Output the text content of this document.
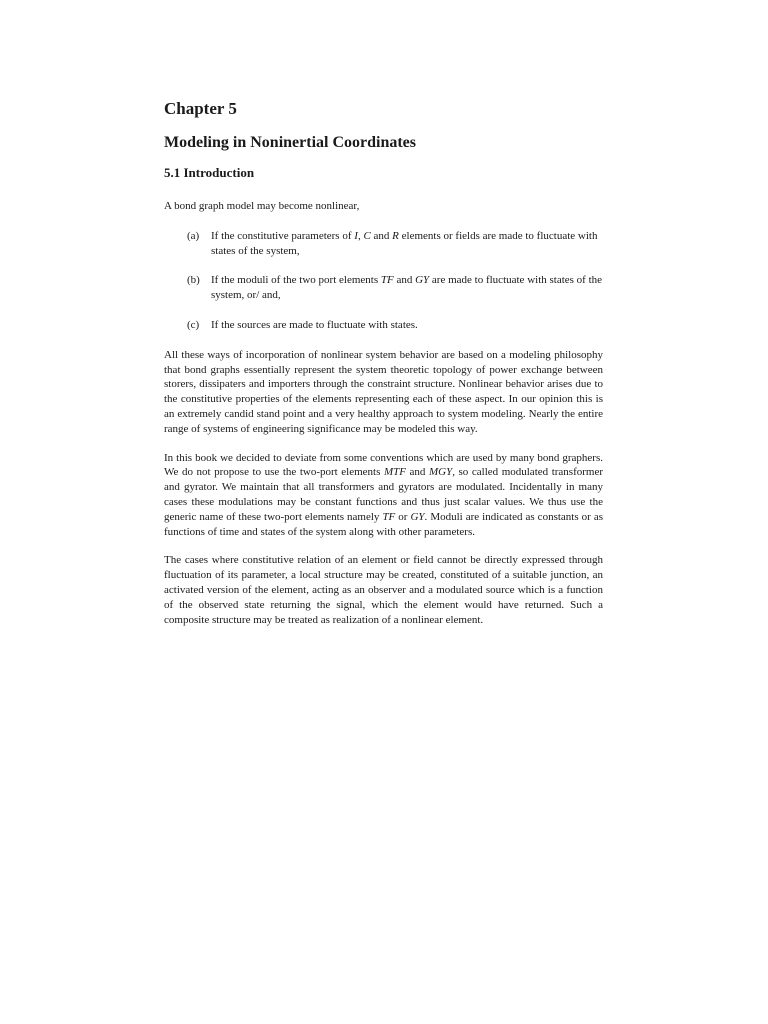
Chapter 5
Modeling in Noninertial Coordinates
5.1 Introduction

A bond graph model may become nonlinear,

(a)	If the constitutive parameters of I, C and R elements or fields are made to fluctuate with states of the system,
(b)	If the moduli of the two port elements TF and GY are made to fluctuate with states of the system, or/ and,
(c)	If the sources are made to fluctuate with states.

All these ways of incorporation of nonlinear system behavior are based on a modeling philosophy that bond graphs essentially represent the system theoretic topology of power exchange between storers, dissipaters and importers through the constraint structure. Nonlinear behavior arises due to the constitutive properties of the elements representing each of these aspect. In our opinion this is an extremely candid stand point and a very healthy approach to system modeling. Nearly the entire range of systems of engineering significance may be modeled this way.

In this book we decided to deviate from some conventions which are used by many bond graphers. We do not propose to use the two-port elements MTF and MGY, so called modulated transformer and gyrator. We maintain that all transformers and gyrators are modulated. Incidentally in many cases these modulations may be constant functions and thus just scalar values. We thus use the generic name of these two-port elements namely TF or GY. Moduli are indicated as constants or as functions of time and states of the system along with other parameters.

The cases where constitutive relation of an element or field cannot be directly expressed through fluctuation of its parameter, a local structure may be created, constituted of a suitable junction, an activated version of the element, acting as an observer and a modulated source which is a function of the observed state returning the signal, which the element would have returned. Such a composite structure may be treated as realization of a nonlinear element.
